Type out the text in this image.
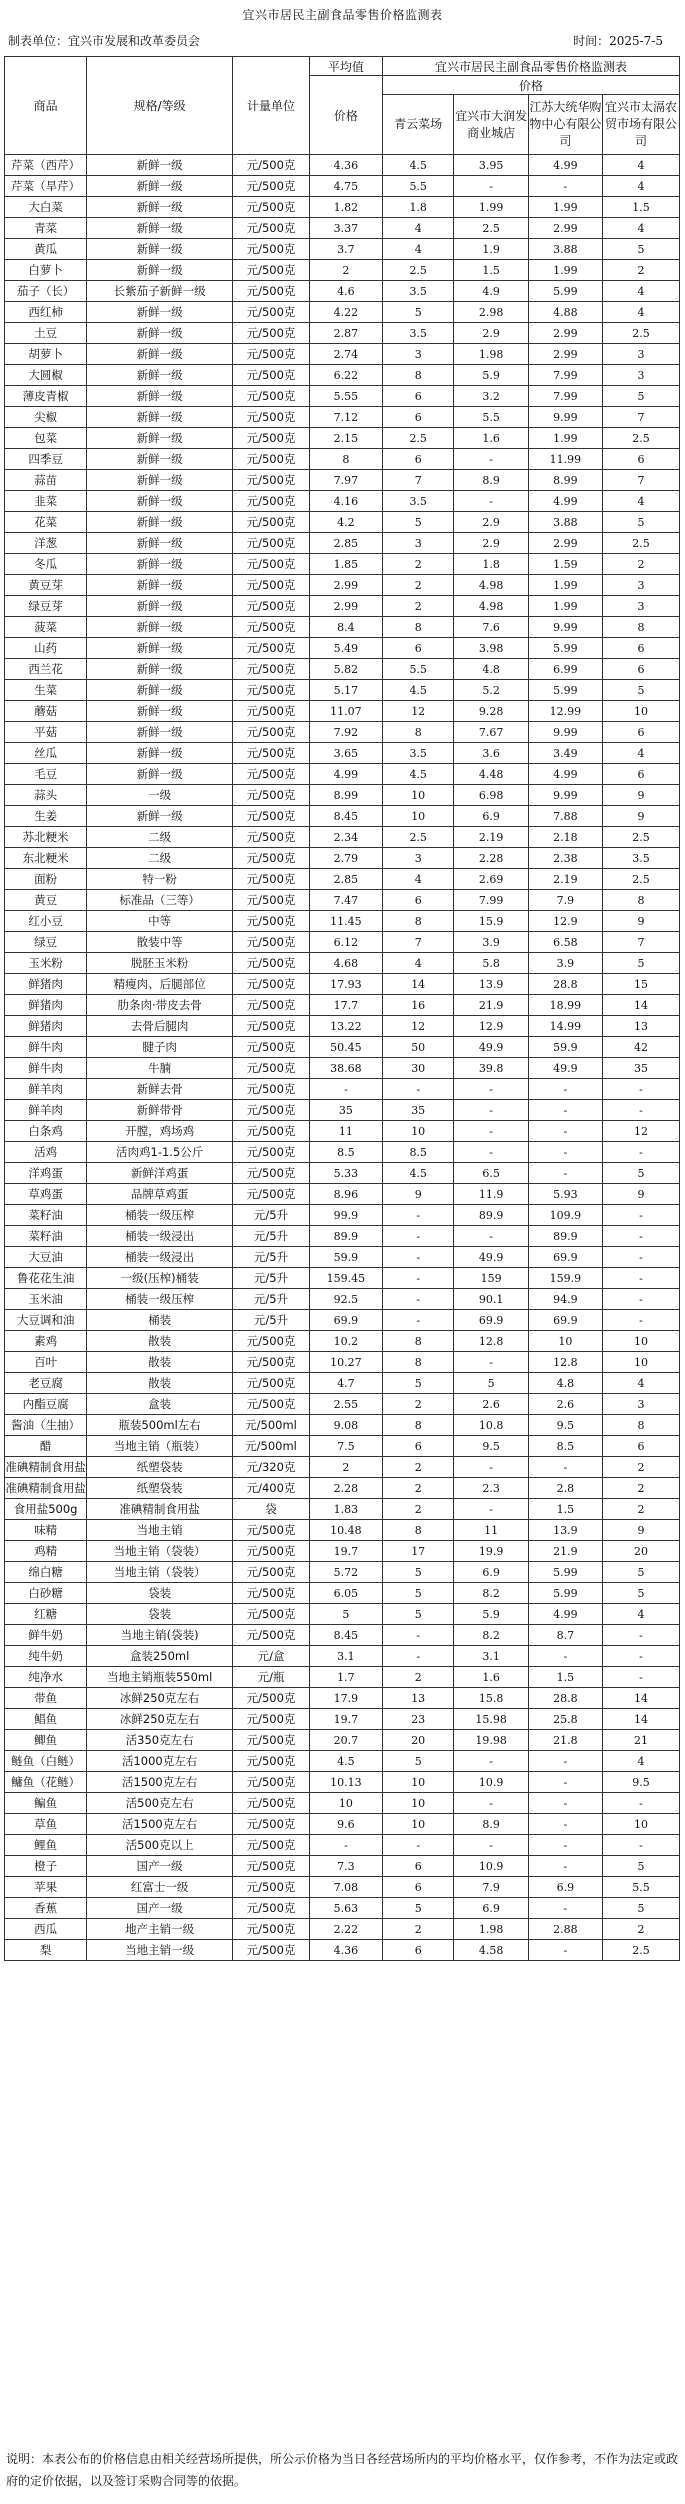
宜兴市居民主副食品零售价格监测表
制表单位：宜兴市发展和改革委员会	时间：2025-7-5
商品	规格/等级	计量单位	平均值	宜兴市居民主副食品零售价格监测表			
			价格	价格			
				青云菜场	宜兴市大润发商业城店	江苏大统华购物中心有限公司	宜兴市太滆农贸市场有限公司
芹菜（西芹）	新鲜一级	元/500克	4.36	4.5	3.95	4.99	4
芹菜（旱芹）	新鲜一级	元/500克	4.75	5.5	-	-	4
大白菜	新鲜一级	元/500克	1.82	1.8	1.99	1.99	1.5
青菜	新鲜一级	元/500克	3.37	4	2.5	2.99	4
黄瓜	新鲜一级	元/500克	3.7	4	1.9	3.88	5
白萝卜	新鲜一级	元/500克	2	2.5	1.5	1.99	2
茄子（长）	长紫茄子新鲜一级	元/500克	4.6	3.5	4.9	5.99	4
西红柿	新鲜一级	元/500克	4.22	5	2.98	4.88	4
土豆	新鲜一级	元/500克	2.87	3.5	2.9	2.99	2.5
胡萝卜	新鲜一级	元/500克	2.74	3	1.98	2.99	3
大圆椒	新鲜一级	元/500克	6.22	8	5.9	7.99	3
薄皮青椒	新鲜一级	元/500克	5.55	6	3.2	7.99	5
尖椒	新鲜一级	元/500克	7.12	6	5.5	9.99	7
包菜	新鲜一级	元/500克	2.15	2.5	1.6	1.99	2.5
四季豆	新鲜一级	元/500克	8	6	-	11.99	6
蒜苗	新鲜一级	元/500克	7.97	7	8.9	8.99	7
韭菜	新鲜一级	元/500克	4.16	3.5	-	4.99	4
花菜	新鲜一级	元/500克	4.2	5	2.9	3.88	5
洋葱	新鲜一级	元/500克	2.85	3	2.9	2.99	2.5
冬瓜	新鲜一级	元/500克	1.85	2	1.8	1.59	2
黄豆芽	新鲜一级	元/500克	2.99	2	4.98	1.99	3
绿豆芽	新鲜一级	元/500克	2.99	2	4.98	1.99	3
菠菜	新鲜一级	元/500克	8.4	8	7.6	9.99	8
山药	新鲜一级	元/500克	5.49	6	3.98	5.99	6
西兰花	新鲜一级	元/500克	5.82	5.5	4.8	6.99	6
生菜	新鲜一级	元/500克	5.17	4.5	5.2	5.99	5
蘑菇	新鲜一级	元/500克	11.07	12	9.28	12.99	10
平菇	新鲜一级	元/500克	7.92	8	7.67	9.99	6
丝瓜	新鲜一级	元/500克	3.65	3.5	3.6	3.49	4
毛豆	新鲜一级	元/500克	4.99	4.5	4.48	4.99	6
蒜头	一级	元/500克	8.99	10	6.98	9.99	9
生姜	新鲜一级	元/500克	8.45	10	6.9	7.88	9
苏北粳米	二级	元/500克	2.34	2.5	2.19	2.18	2.5
东北粳米	二级	元/500克	2.79	3	2.28	2.38	3.5
面粉	特一粉	元/500克	2.85	4	2.69	2.19	2.5
黄豆	标准品（三等）	元/500克	7.47	6	7.99	7.9	8
红小豆	中等	元/500克	11.45	8	15.9	12.9	9
绿豆	散装中等	元/500克	6.12	7	3.9	6.58	7
玉米粉	脱胚玉米粉	元/500克	4.68	4	5.8	3.9	5
鲜猪肉	精瘦肉、后腿部位	元/500克	17.93	14	13.9	28.8	15
鲜猪肉	肋条肉·带皮去骨	元/500克	17.7	16	21.9	18.99	14
鲜猪肉	去骨后腿肉	元/500克	13.22	12	12.9	14.99	13
鲜牛肉	腱子肉	元/500克	50.45	50	49.9	59.9	42
鲜牛肉	牛腩	元/500克	38.68	30	39.8	49.9	35
鲜羊肉	新鲜去骨	元/500克	-	-	-	-	-
鲜羊肉	新鲜带骨	元/500克	35	35	-	-	-
白条鸡	开膛，鸡场鸡	元/500克	11	10	-	-	12
活鸡	活肉鸡1-1.5公斤	元/500克	8.5	8.5	-	-	-
洋鸡蛋	新鲜洋鸡蛋	元/500克	5.33	4.5	6.5	-	5
草鸡蛋	品牌草鸡蛋	元/500克	8.96	9	11.9	5.93	9
菜籽油	桶装一级压榨	元/5升	99.9	-	89.9	109.9	-
菜籽油	桶装一级浸出	元/5升	89.9	-	-	89.9	-
大豆油	桶装一级浸出	元/5升	59.9	-	49.9	69.9	-
鲁花花生油	一级(压榨)桶装	元/5升	159.45	-	159	159.9	-
玉米油	桶装一级压榨	元/5升	92.5	-	90.1	94.9	-
大豆调和油	桶装	元/5升	69.9	-	69.9	69.9	-
素鸡	散装	元/500克	10.2	8	12.8	10	10
百叶	散装	元/500克	10.27	8	-	12.8	10
老豆腐	散装	元/500克	4.7	5	5	4.8	4
内酯豆腐	盒装	元/500克	2.55	2	2.6	2.6	3
酱油（生抽）	瓶装500ml左右	元/500ml	9.08	8	10.8	9.5	8
醋	当地主销（瓶装）	元/500ml	7.5	6	9.5	8.5	6
准碘精制食用盐	纸塑袋装	元/320克	2	2	-	-	2
准碘精制食用盐	纸塑袋装	元/400克	2.28	2	2.3	2.8	2
食用盐500g	准碘精制食用盐	袋	1.83	2	-	1.5	2
味精	当地主销	元/500克	10.48	8	11	13.9	9
鸡精	当地主销（袋装）	元/500克	19.7	17	19.9	21.9	20
绵白糖	当地主销（袋装）	元/500克	5.72	5	6.9	5.99	5
白砂糖	袋装	元/500克	6.05	5	8.2	5.99	5
红糖	袋装	元/500克	5	5	5.9	4.99	4
鲜牛奶	当地主销(袋装)	元/500克	8.45	-	8.2	8.7	-
纯牛奶	盒装250ml	元/盒	3.1	-	3.1	-	-
纯净水	当地主销瓶装550ml	元/瓶	1.7	2	1.6	1.5	-
带鱼	冰鲜250克左右	元/500克	17.9	13	15.8	28.8	14
鲳鱼	冰鲜250克左右	元/500克	19.7	23	15.98	25.8	14
鲫鱼	活350克左右	元/500克	20.7	20	19.98	21.8	21
鲢鱼（白鲢）	活1000克左右	元/500克	4.5	5	-	-	4
鳙鱼（花鲢）	活1500克左右	元/500克	10.13	10	10.9	-	9.5
鳊鱼	活500克左右	元/500克	10	10	-	-	-
草鱼	活1500克左右	元/500克	9.6	10	8.9	-	10
鲤鱼	活500克以上	元/500克	-	-	-	-	-
橙子	国产一级	元/500克	7.3	6	10.9	-	5
苹果	红富士一级	元/500克	7.08	6	7.9	6.9	5.5
香蕉	国产一级	元/500克	5.63	5	6.9	-	5
西瓜	地产主销一级	元/500克	2.22	2	1.98	2.88	2
梨	当地主销一级	元/500克	4.36	6	4.58	-	2.5
说明：本表公布的价格信息由相关经营场所提供，所公示价格为当日各经营场所内的平均价格水平，仅作参考，不作为法定或政府的定价依据，以及签订采购合同等的依据。
